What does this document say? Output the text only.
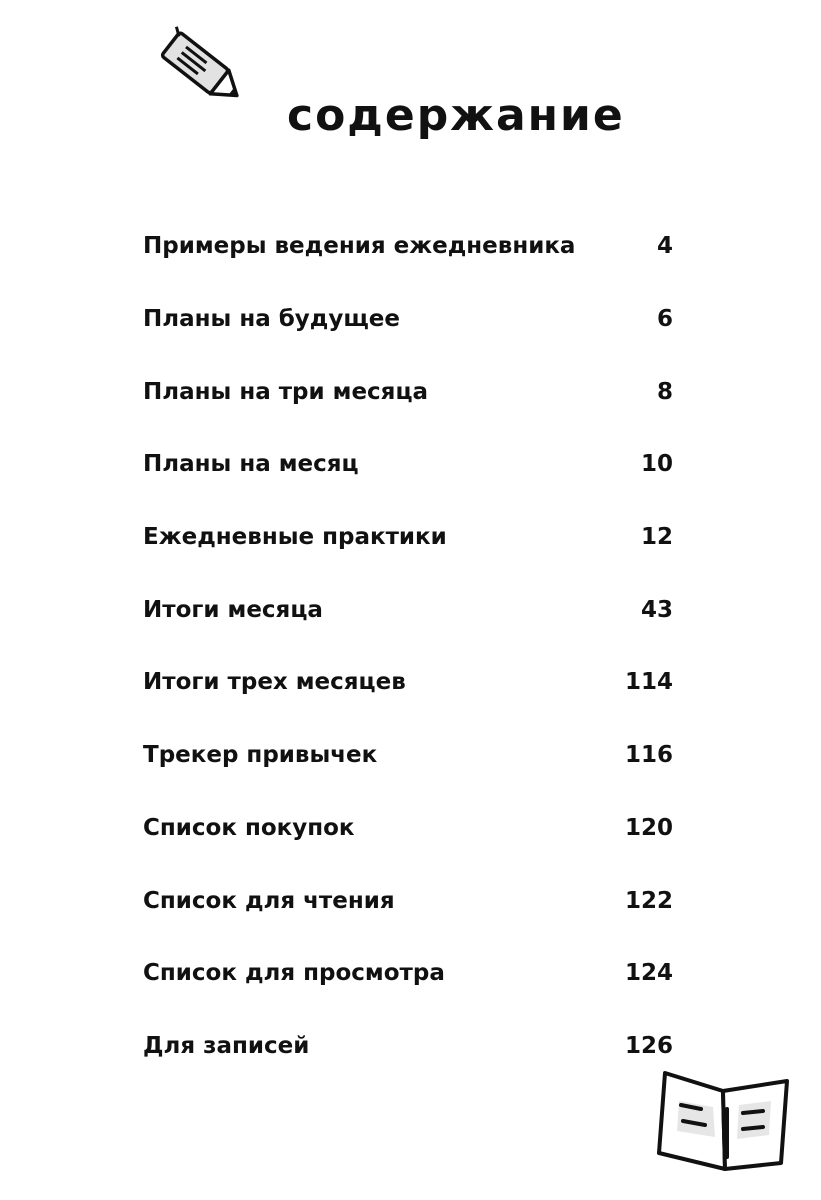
содержание
Примеры ведения ежедневника	4
Планы на будущее	6
Планы на три месяца	8
Планы на месяц	10
Ежедневные практики	12
Итоги месяца	43
Итоги трех месяцев	114
Трекер привычек	116
Список покупок	120
Список для чтения	122
Список для просмотра	124
Для записей	126
